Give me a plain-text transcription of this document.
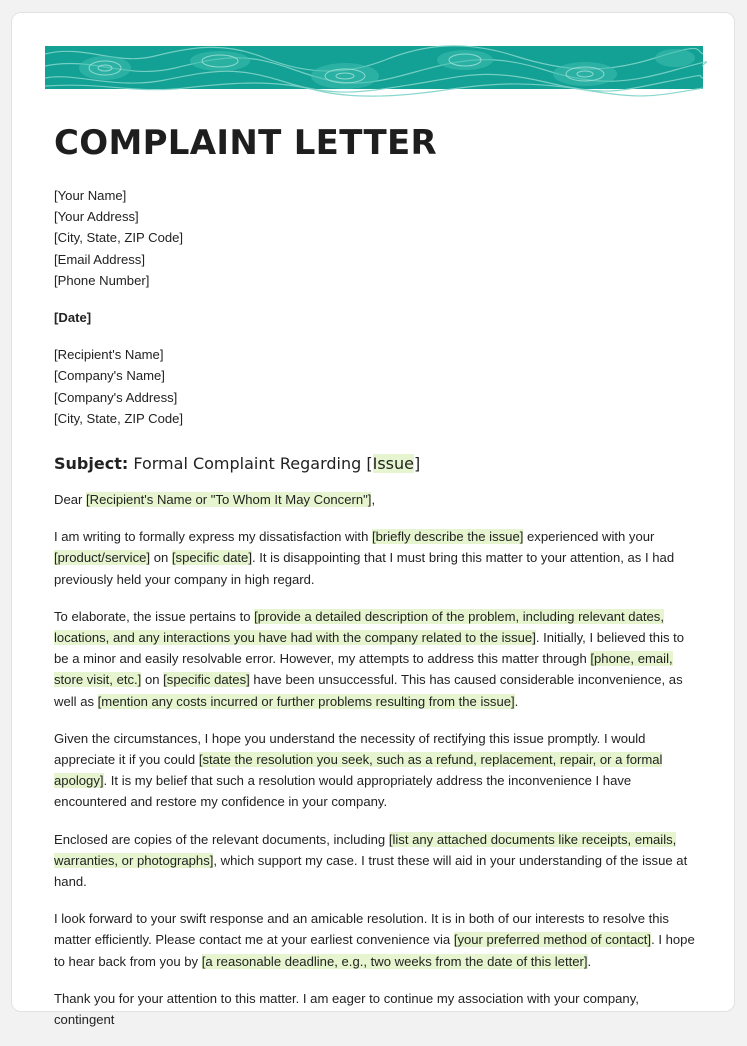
COMPLAINT LETTER
[Your Name]
[Your Address]
[City, State, ZIP Code]
[Email Address]
[Phone Number]
[Date]
[Recipient's Name]
[Company's Name]
[Company's Address]
[City, State, ZIP Code]
Subject: Formal Complaint Regarding [Issue]

Dear [Recipient's Name or "To Whom It May Concern"],

I am writing to formally express my dissatisfaction with [briefly describe the issue] experienced with your [product/service] on [specific date]. It is disappointing that I must bring this matter to your attention, as I had previously held your company in high regard.

To elaborate, the issue pertains to [provide a detailed description of the problem, including relevant dates, locations, and any interactions you have had with the company related to the issue]. Initially, I believed this to be a minor and easily resolvable error. However, my attempts to address this matter through [phone, email, store visit, etc.] on [specific dates] have been unsuccessful. This has caused considerable inconvenience, as well as [mention any costs incurred or further problems resulting from the issue].

Given the circumstances, I hope you understand the necessity of rectifying this issue promptly. I would appreciate it if you could [state the resolution you seek, such as a refund, replacement, repair, or a formal apology]. It is my belief that such a resolution would appropriately address the inconvenience I have encountered and restore my confidence in your company.

Enclosed are copies of the relevant documents, including [list any attached documents like receipts, emails, warranties, or photographs], which support my case. I trust these will aid in your understanding of the issue at hand.

I look forward to your swift response and an amicable resolution. It is in both of our interests to resolve this matter efficiently. Please contact me at your earliest convenience via [your preferred method of contact]. I hope to hear back from you by [a reasonable deadline, e.g., two weeks from the date of this letter].

Thank you for your attention to this matter. I am eager to continue my association with your company, contingent
